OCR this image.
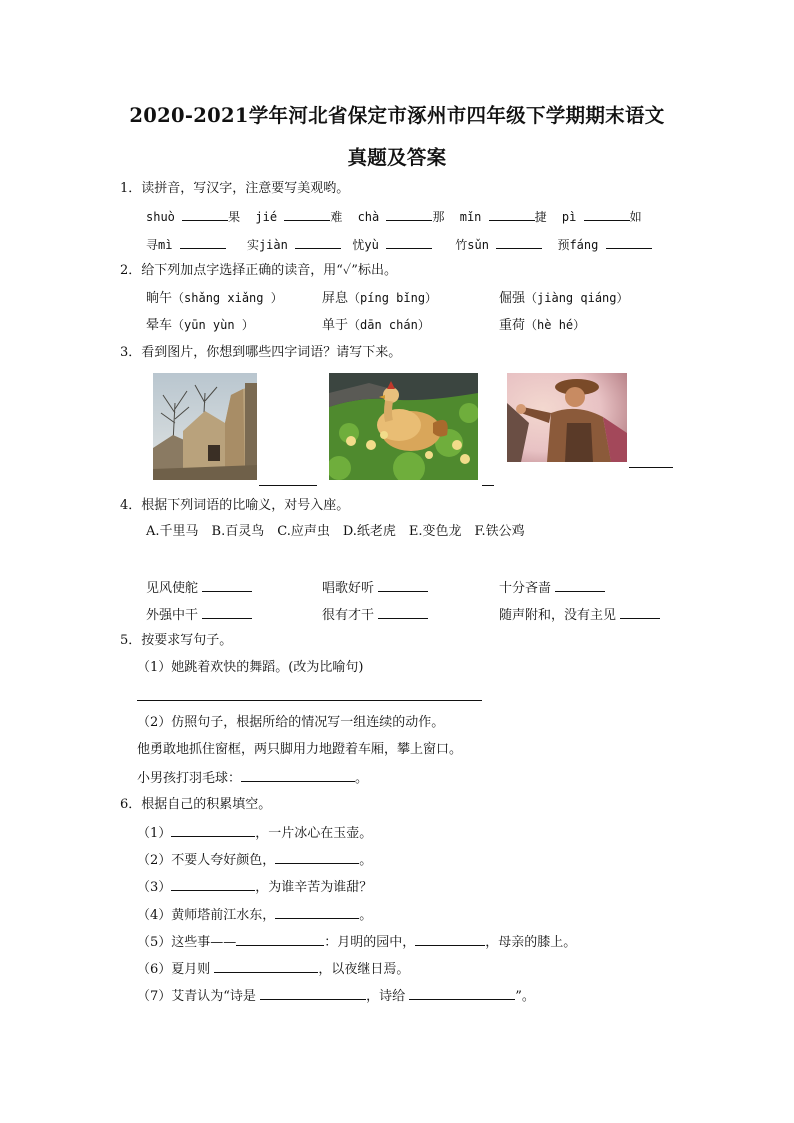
2020-2021学年河北省保定市涿州市四年级下学期期末语文
真题及答案
1．读拼音，写汉字，注意要写美观哟。
shuò	果 jié	难 chà	那 mǐn	捷 pì	如
寻mì	实jiàn	忧yù	竹sǔn	预fáng
2．给下列加点字选择正确的读音，用“✓”标出。
晌午（shǎng xiǎng ）	屏息（píng bǐng）	倔强（jiàng qiáng）
晕车（yūn yùn ）	单于（dān chán）	重荷（hè hé）
3．看到图片，你想到哪些四字词语？请写下来。
4．根据下列词语的比喻义，对号入座。
A.千里马　B.百灵鸟　C.应声虫　D.纸老虎　E.变色龙　F.铁公鸡
见风使舵	唱歌好听	十分吝啬
外强中干	很有才干	随声附和，没有主见
5．按要求写句子。
（1）她跳着欢快的舞蹈。(改为比喻句)
（2）仿照句子，根据所给的情况写一组连续的动作。
他勇敢地抓住窗框，两只脚用力地蹬着车厢，攀上窗口。
小男孩打羽毛球：	。
6．根据自己的积累填空。
（1）	，一片冰心在玉壶。
（2）不要人夸好颜色，	。
（3）	，为谁辛苦为谁甜？
（4）黄师塔前江水东，	。
（5）这些事——	：月明的园中，	，母亲的膝上。
（6）夏月则	，以夜继日焉。
（7）艾青认为“诗是	，诗给	”。
